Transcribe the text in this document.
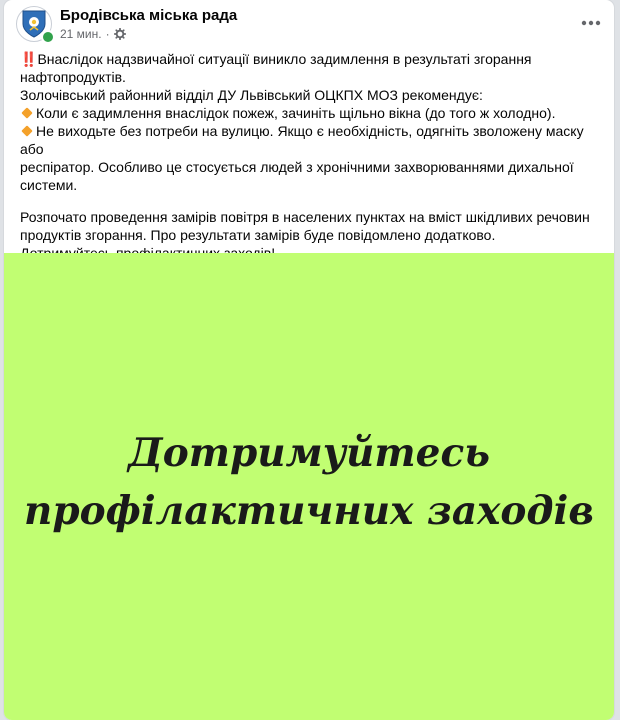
Бродівська міська рада
21 мин. ·

‼️Внаслідок надзвичайної ситуації виникло задимлення в результаті згорання

нафтопродуктів.

Золочівський районний відділ ДУ Львівський ОЦКПХ МОЗ рекомендує:

Коли є задимлення внаслідок пожеж, зачиніть щільно вікна (до того ж холодно).

Не виходьте без потреби на вулицю. Якщо є необхідність, одягніть зволожену маску або

респіратор. Особливо це стосується людей з хронічними захворюваннями дихальної

системи.

Розпочато проведення замірів повітря в населених пунктах на вміст шкідливих речовин

продуктів згорання. Про результати замірів буде повідомлено додатково.

Дотримуйтесь
профілактичних заходів
